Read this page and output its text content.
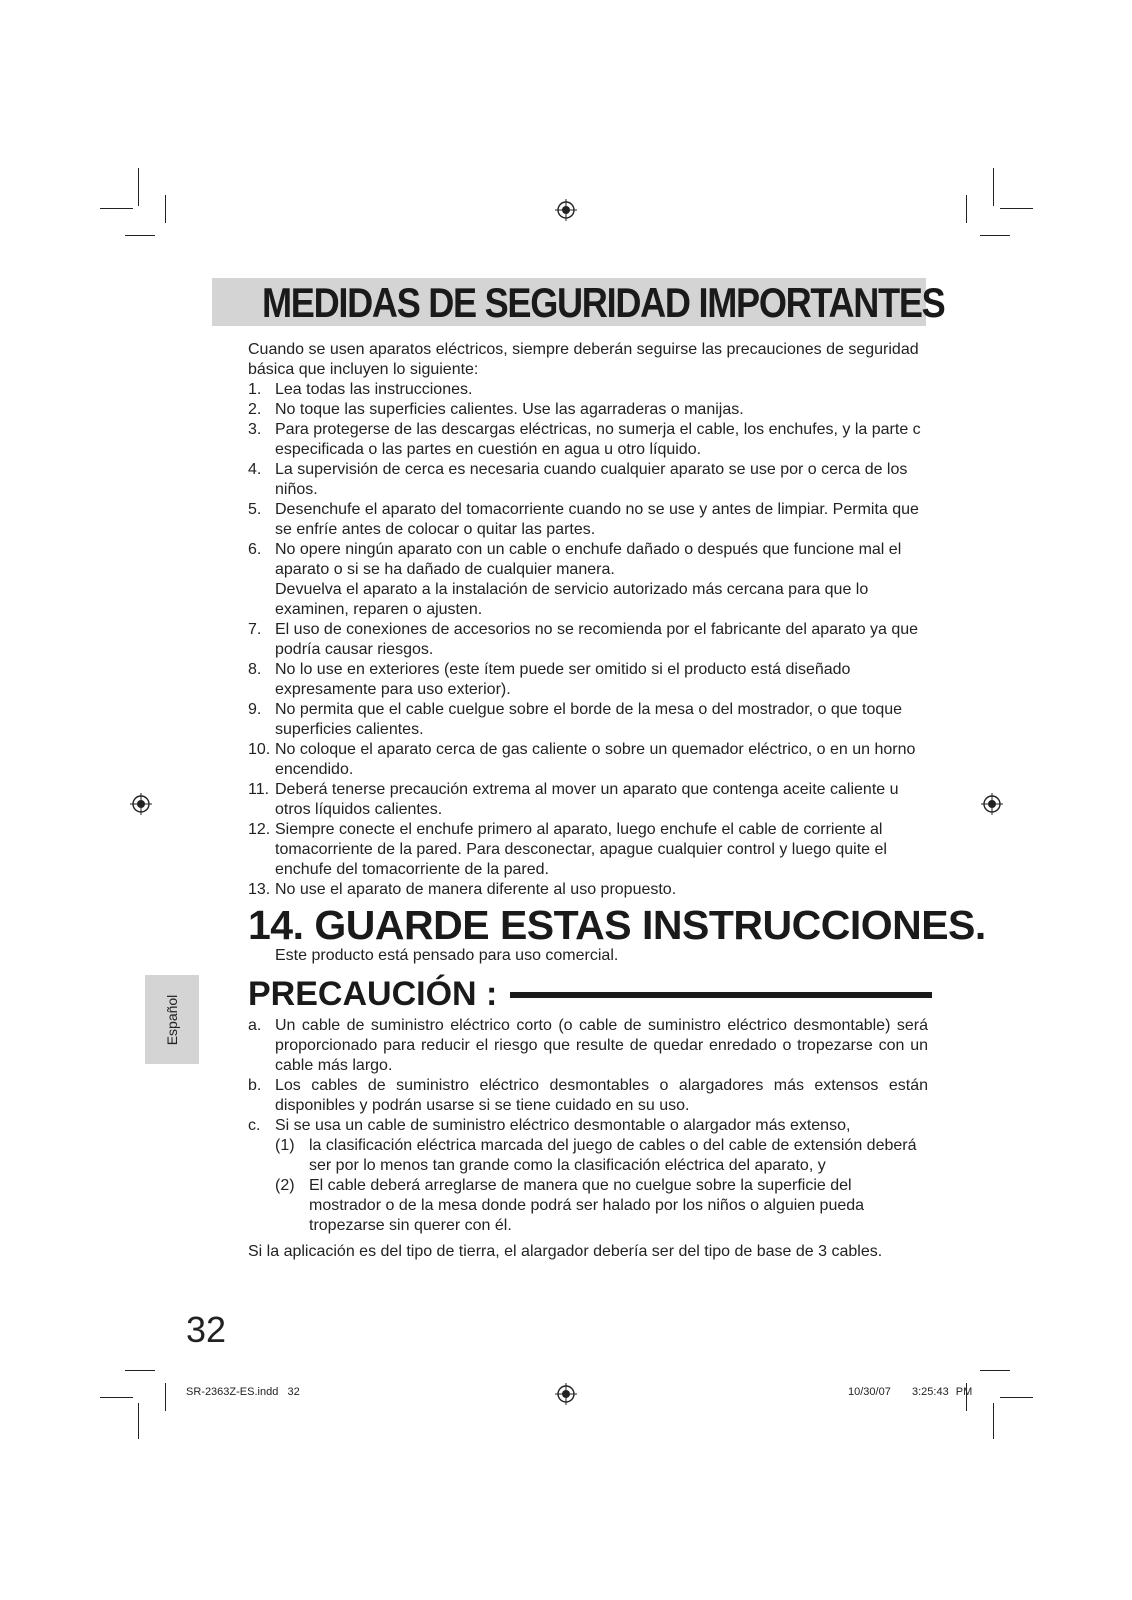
MEDIDAS DE SEGURIDAD IMPORTANTES

Cuando se usen aparatos eléctricos, siempre deberán seguirse las precauciones de seguridad básica que incluyen lo siguiente:

1. Lea todas las instrucciones.
2. No toque las superficies calientes. Use las agarraderas o manijas.
3. Para protegerse de las descargas eléctricas, no sumerja el cable, los enchufes, y la parte c especificada o las partes en cuestión en agua u otro líquido.
4. La supervisión de cerca es necesaria cuando cualquier aparato se use por o cerca de los niños.
5. Desenchufe el aparato del tomacorriente cuando no se use y antes de limpiar. Permita que se enfríe antes de colocar o quitar las partes.
6. No opere ningún aparato con un cable o enchufe dañado o después que funcione mal el aparato o si se ha dañado de cualquier manera.
Devuelva el aparato a la instalación de servicio autorizado más cercana para que lo examinen, reparen o ajusten.
7. El uso de conexiones de accesorios no se recomienda por el fabricante del aparato ya que podría causar riesgos.
8. No lo use en exteriores (este ítem puede ser omitido si el producto está diseñado expresamente para uso exterior).
9. No permita que el cable cuelgue sobre el borde de la mesa o del mostrador, o que toque superficies calientes.
10. No coloque el aparato cerca de gas caliente o sobre un quemador eléctrico, o en un horno encendido.
11. Deberá tenerse precaución extrema al mover un aparato que contenga aceite caliente u otros líquidos calientes.
12. Siempre conecte el enchufe primero al aparato, luego enchufe el cable de corriente al tomacorriente de la pared. Para desconectar, apague cualquier control y luego quite el enchufe del tomacorriente de la pared.
13. No use el aparato de manera diferente al uso propuesto.
14. GUARDE ESTAS INSTRUCCIONES.
Este producto está pensado para uso comercial.
PRECAUCIÓN :
a. Un cable de suministro eléctrico corto (o cable de suministro eléctrico desmontable) será proporcionado para reducir el riesgo que resulte de quedar enredado o tropezarse con un cable más largo.
b. Los cables de suministro eléctrico desmontables o alargadores más extensos están disponibles y podrán usarse si se tiene cuidado en su uso.
c. Si se usa un cable de suministro eléctrico desmontable o alargador más extenso,
(1) la clasificación eléctrica marcada del juego de cables o del cable de extensión deberá ser por lo menos tan grande como la clasificación eléctrica del aparato, y
(2) El cable deberá arreglarse de manera que no cuelgue sobre la superficie del mostrador o de la mesa donde podrá ser halado por los niños o alguien pueda tropezarse sin querer con él.
Si la aplicación es del tipo de tierra, el alargador debería ser del tipo de base de 3 cables.
Español
32
SR-2363Z-ES.indd   32	10/30/07   3:25:43 PM
